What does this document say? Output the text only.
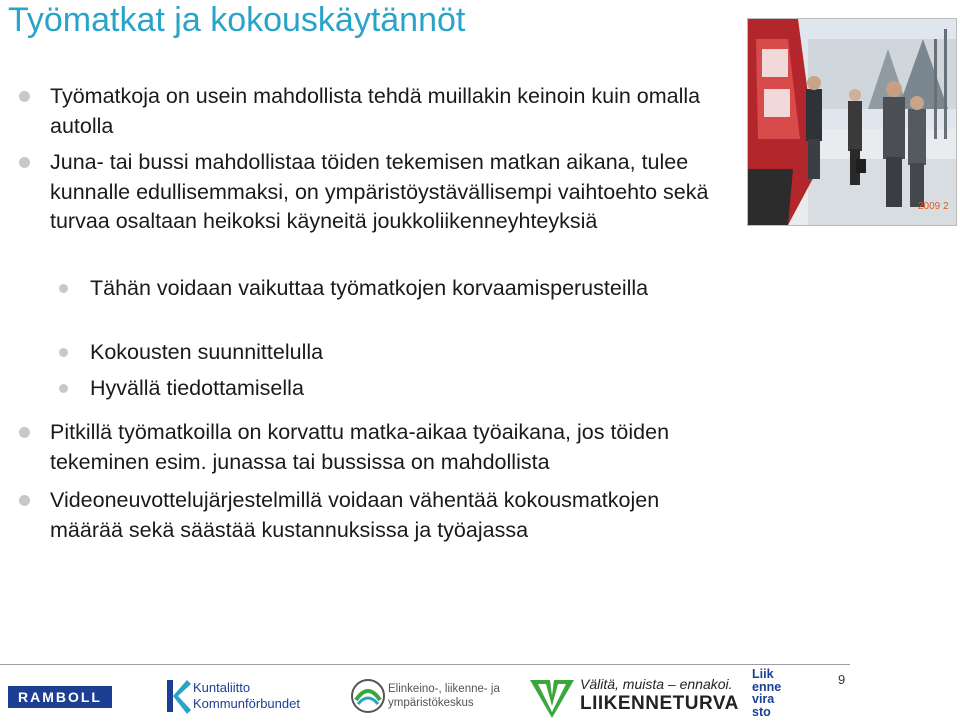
Työmatkat ja kokouskäytännöt
Työmatkoja on usein mahdollista tehdä muillakin keinoin kuin omalla autolla
Juna- tai bussi mahdollistaa töiden tekemisen matkan aikana, tulee kunnalle edullisemmaksi, on ympäristöystävällisempi vaihtoehto sekä turvaa osaltaan heikoksi käyneitä joukkoliikenneyhteyksiä
Tähän voidaan vaikuttaa työmatkojen korvaamisperusteilla
Kokousten suunnittelulla
Hyvällä tiedottamisella
Pitkillä työmatkoilla on korvattu matka-aikaa työaikana, jos töiden tekeminen esim. junassa tai bussissa on mahdollista
Videoneuvottelujärjestelmillä voidaan vähentää kokousmatkojen määrää sekä säästää kustannuksissa ja työajassa
2009 2
9
RAMBOLL
Kuntaliitto
Kommunförbundet
Elinkeino-, liikenne- ja
ympäristökeskus
Välitä, muista – ennakoi.
LIIKENNETURVA
Liik
enne
vira
sto
